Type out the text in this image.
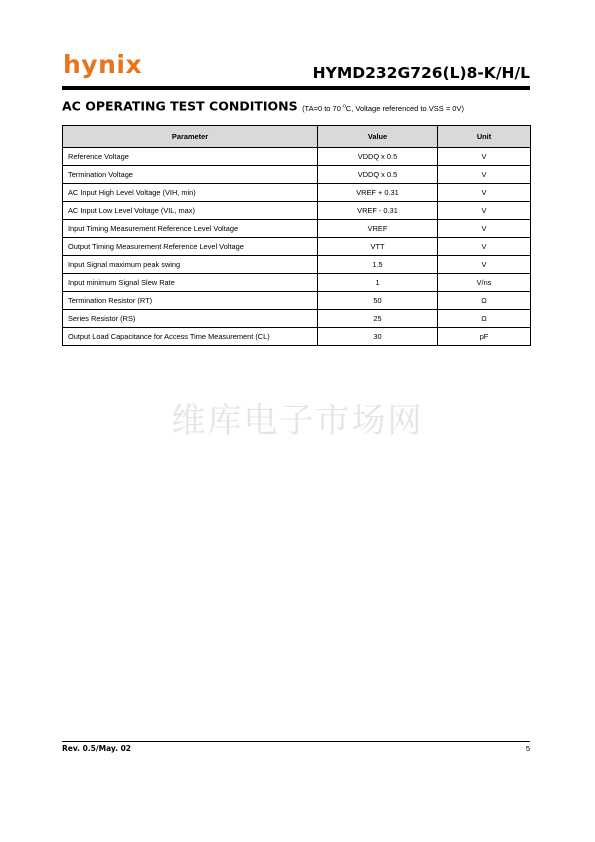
hynix	HYMD232G726(L)8-K/H/L
AC OPERATING TEST CONDITIONS (TA=0 to 70 $^o$C, Voltage referenced to VSS = 0V)
Parameter	Value	Unit
Reference Voltage	VDDQ x 0.5	V
Termination Voltage	VDDQ x 0.5	V
AC Input High Level Voltage (VIH, min)	VREF + 0.31	V
AC Input Low Level Voltage (VIL, max)	VREF - 0.31	V
Input Timing Measurement Reference Level Voltage	VREF	V
Output Timing Measurement Reference Level Voltage	VTT	V
Input Signal maximum peak swing	1.5	V
Input minimum Signal Slew Rate	1	V/ns
Termination Resistor (RT)	50	Ω
Series Resistor (RS)	25	Ω
Output Load Capacitance for Access Time Measurement (CL)	30	pF
维库电子市场网
Rev. 0.5/May. 02	5
